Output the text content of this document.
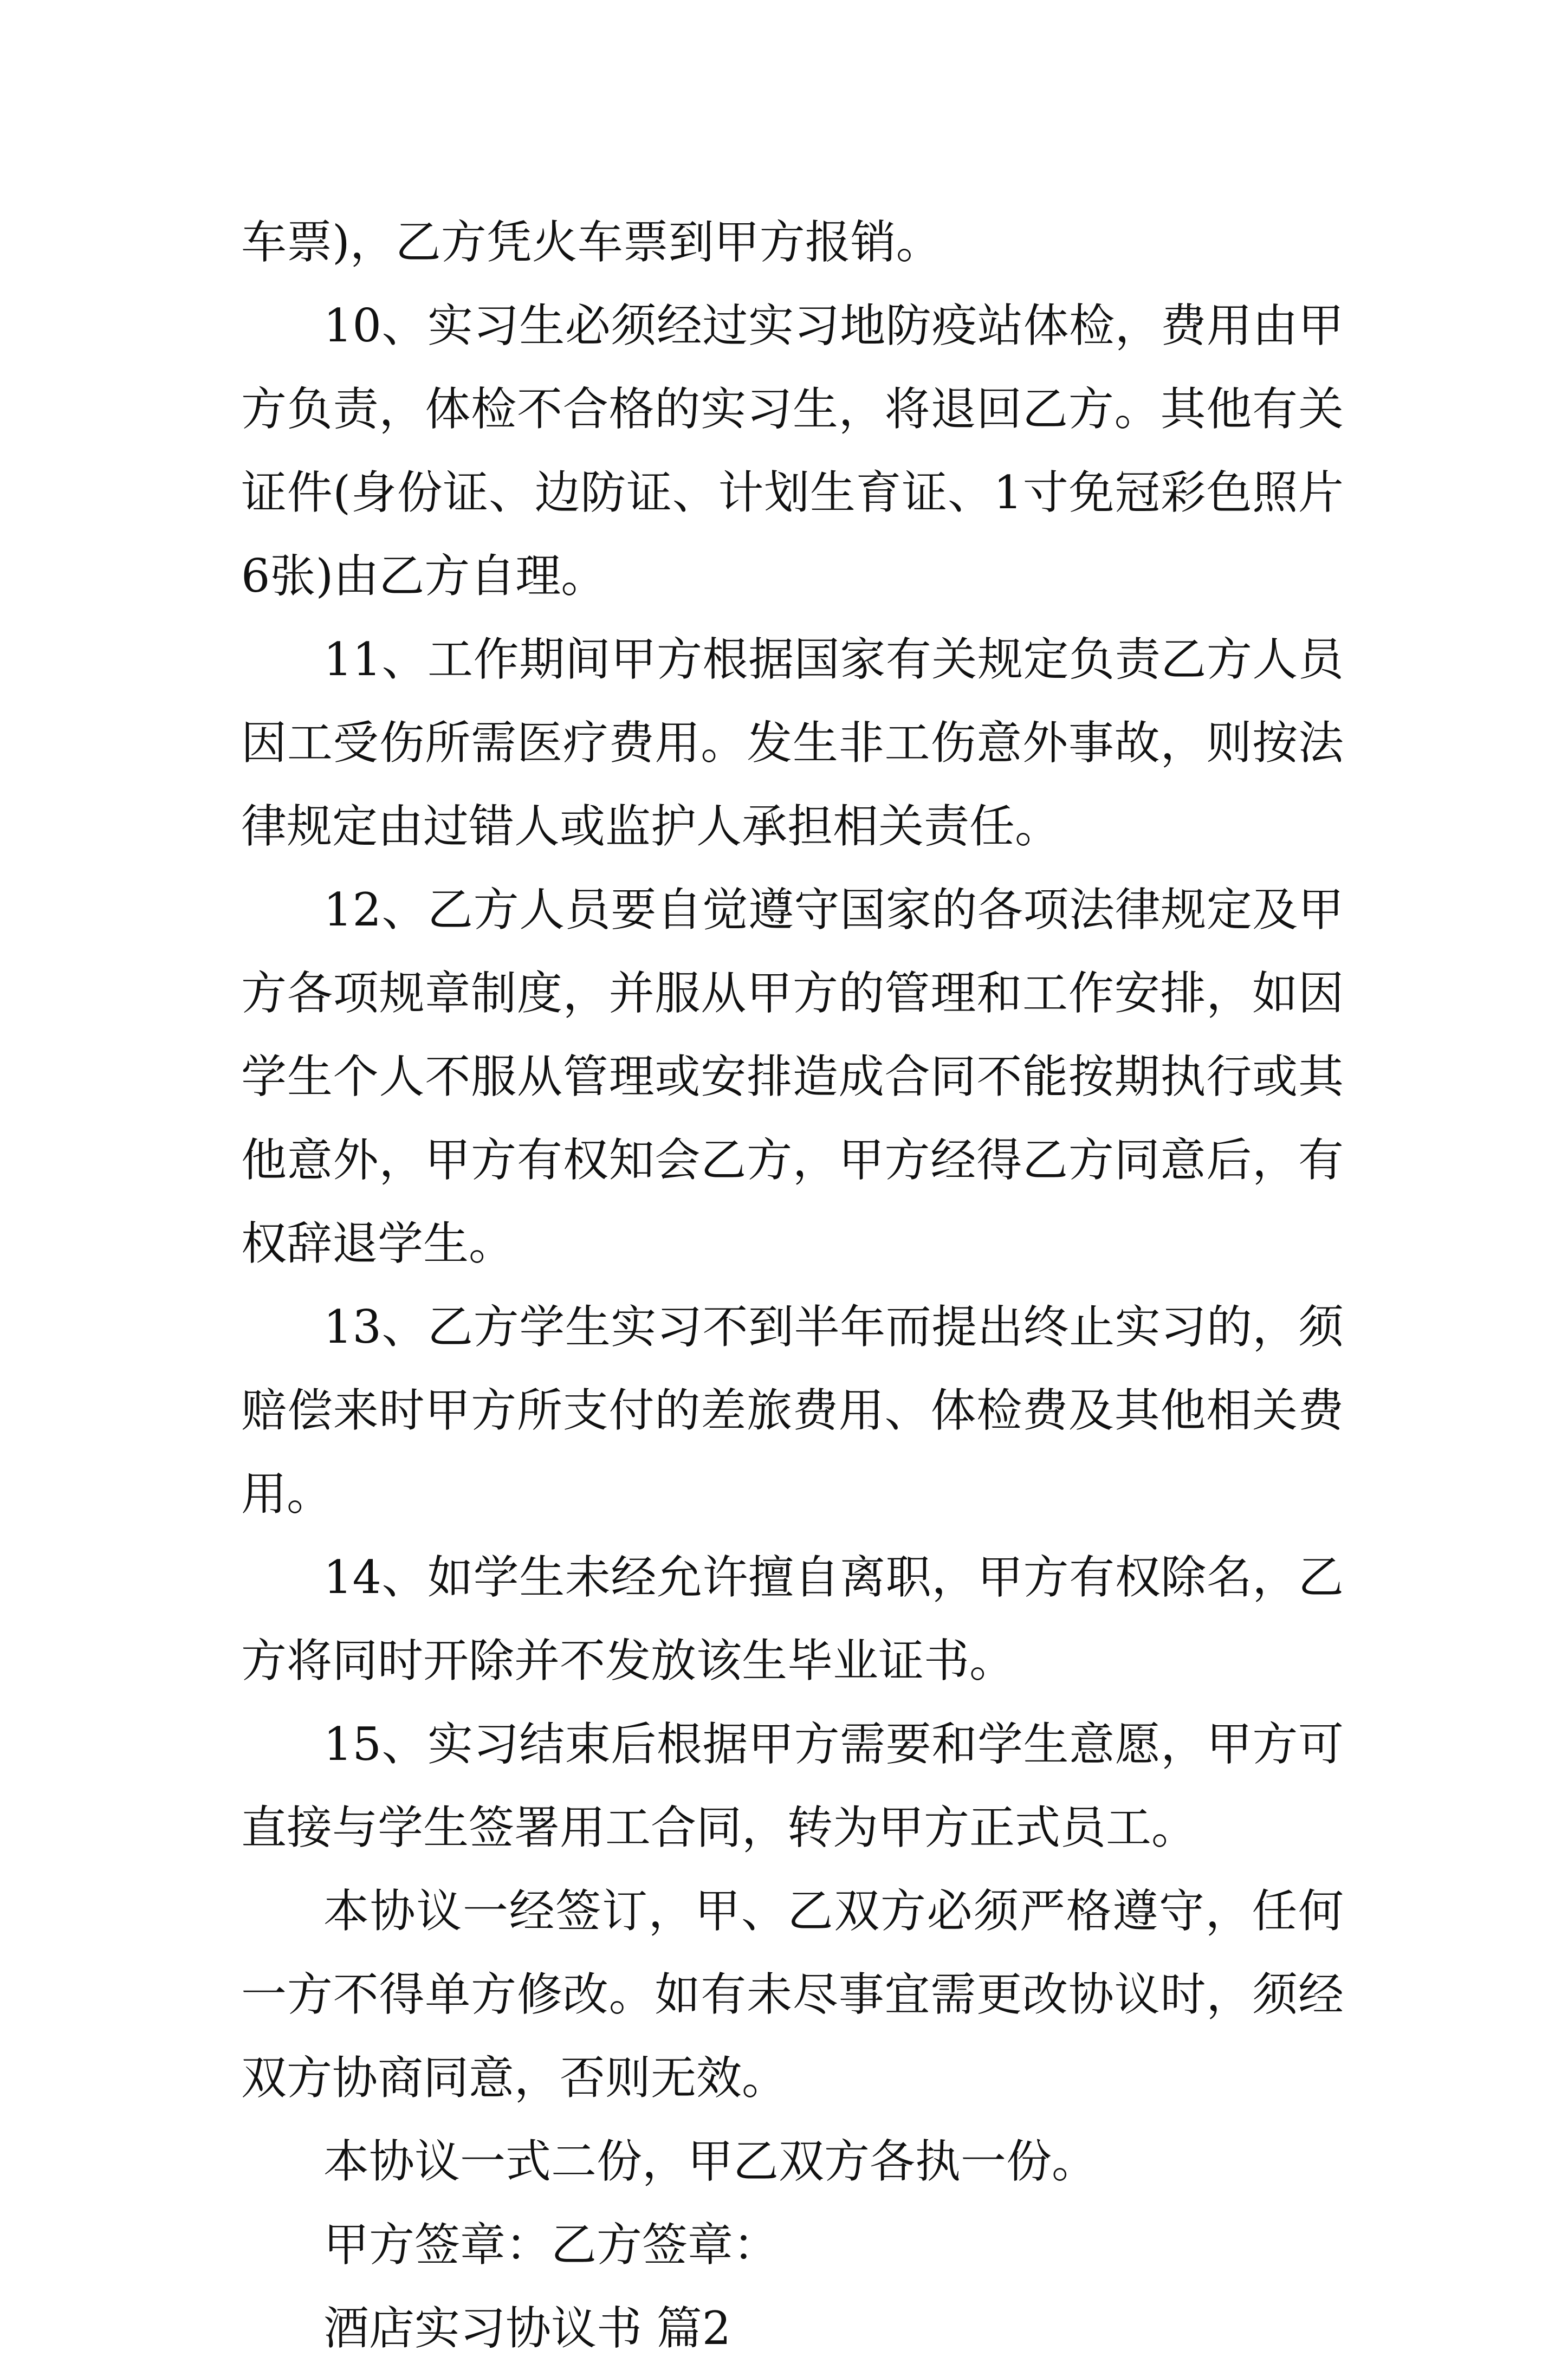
车票)，乙方凭火车票到甲方报销。

10、实习生必须经过实习地防疫站体检，费用由甲方负责，体检不合格的实习生，将退回乙方。其他有关证件(身份证、边防证、计划生育证、1寸免冠彩色照片6张)由乙方自理。

11、工作期间甲方根据国家有关规定负责乙方人员因工受伤所需医疗费用。发生非工伤意外事故，则按法律规定由过错人或监护人承担相关责任。

12、乙方人员要自觉遵守国家的各项法律规定及甲方各项规章制度，并服从甲方的管理和工作安排，如因学生个人不服从管理或安排造成合同不能按期执行或其他意外，甲方有权知会乙方，甲方经得乙方同意后，有权辞退学生。

13、乙方学生实习不到半年而提出终止实习的，须赔偿来时甲方所支付的差旅费用、体检费及其他相关费用。

14、如学生未经允许擅自离职，甲方有权除名，乙方将同时开除并不发放该生毕业证书。

15、实习结束后根据甲方需要和学生意愿，甲方可直接与学生签署用工合同，转为甲方正式员工。

本协议一经签订，甲、乙双方必须严格遵守，任何一方不得单方修改。如有未尽事宜需更改协议时，须经双方协商同意，否则无效。

本协议一式二份，甲乙双方各执一份。

甲方签章：乙方签章：

酒店实习协议书 篇2
